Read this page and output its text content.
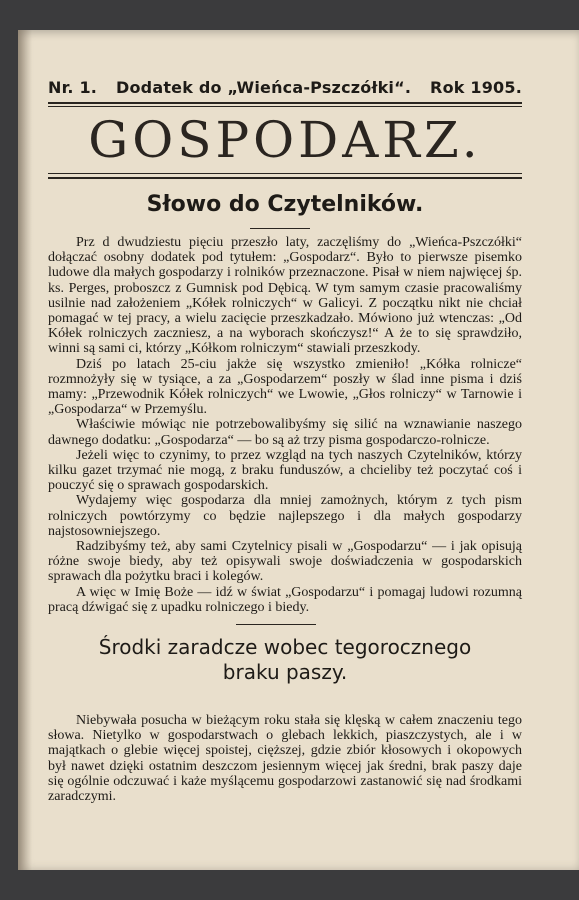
Nr. 1. Dodatek do „Wieńca-Pszczółki“. Rok 1905.
GOSPODARZ.
Słowo do Czytelników.

Prz d dwudziestu pięciu przeszło laty, zaczęliśmy do „Wieńca-Pszczółki“ dołączać osobny dodatek pod tytułem: „Gospodarz“. Było to pierwsze pisemko ludowe dla małych gospodarzy i rolników przeznaczone. Pisał w niem najwięcej śp. ks. Perges, proboszcz z Gumnisk pod Dębicą. W tym samym czasie pracowaliśmy usilnie nad założeniem „Kółek rolniczych“ w Galicyi. Z początku nikt nie chciał pomagać w tej pracy, a wielu zacięcie przeszkadzało. Mówiono już wtenczas: „Od Kółek rolniczych zaczniesz, a na wyborach skończysz!“ A że to się sprawdziło, winni są sami ci, którzy „Kółkom rolniczym“ stawiali przeszkody.

Dziś po latach 25-ciu jakże się wszystko zmieniło! „Kółka rolnicze“ rozmnożyły się w tysiące, a za „Gospodarzem“ poszły w ślad inne pisma i dziś mamy: „Przewodnik Kółek rolniczych“ we Lwowie, „Głos rolniczy“ w Tarnowie i „Gospodarza“ w Przemyślu.

Właściwie mówiąc nie potrzebowalibyśmy się silić na wznawianie naszego dawnego dodatku: „Gospodarza“ — bo są aż trzy pisma gospodarczo-rolnicze.

Jeżeli więc to czynimy, to przez wzgląd na tych naszych Czytelników, którzy kilku gazet trzymać nie mogą, z braku funduszów, a chcieliby też poczytać coś i pouczyć się o sprawach gospodarskich.

Wydajemy więc gospodarza dla mniej zamożnych, którym z tych pism rolniczych powtórzymy co będzie najlepszego i dla małych gospodarzy najstosowniejszego.

Radzibyśmy też, aby sami Czytelnicy pisali w „Gospodarzu“ — i jak opisują różne swoje biedy, aby też opisywali swoje doświadczenia w gospodarskich sprawach dla pożytku braci i kolegów.

A więc w Imię Boże — idź w świat „Gospodarzu“ i pomagaj ludowi rozumną pracą dźwigać się z upadku rolniczego i biedy.

Środki zaradcze wobec tegorocznego
braku paszy.

Niebywała posucha w bieżącym roku stała się klęską w całem znaczeniu tego słowa. Nietylko w gospodarstwach o glebach lekkich, piaszczystych, ale i w majątkach o glebie więcej spoistej, cięższej, gdzie zbiór kłosowych i okopowych był nawet dzięki ostatnim deszczom jesiennym więcej jak średni, brak paszy daje się ogólnie odczuwać i każe myślącemu gospodarzowi zastanowić się nad środkami zaradczymi.
